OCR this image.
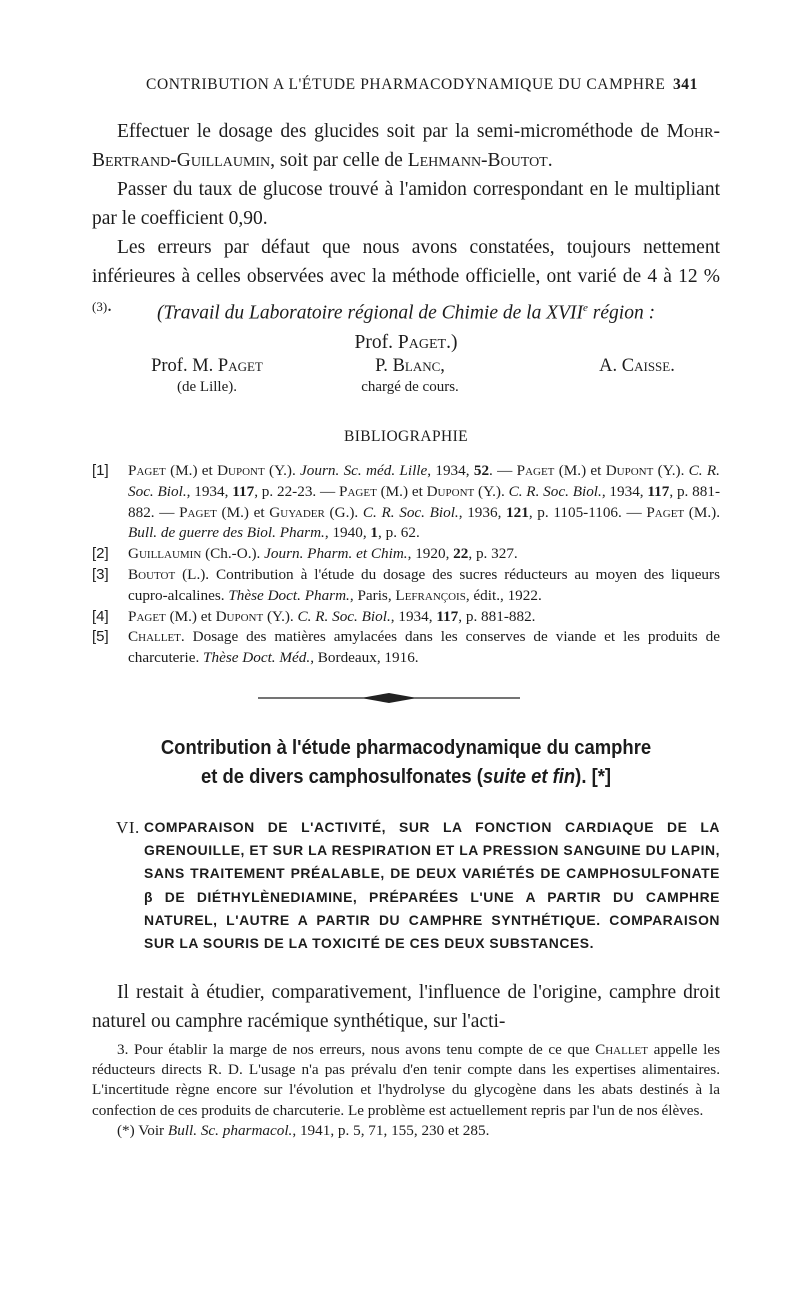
CONTRIBUTION A L'ÉTUDE PHARMACODYNAMIQUE DU CAMPHRE 341

Effectuer le dosage des glucides soit par la semi-microméthode de Mohr-Bertrand-Guillaumin, soit par celle de Lehmann-Boutot.

Passer du taux de glucose trouvé à l'amidon correspondant en le multipliant par le coefficient 0,90.

Les erreurs par défaut que nous avons constatées, toujours nettement inférieures à celles observées avec la méthode officielle, ont varié de 4 à 12 % (3).	(Travail du Laboratoire régional de Chimie de la XVIIe région :
Prof. Paget.)
Prof. M. Paget
(de Lille).
P. Blanc,
chargé de cours.
A. Caisse.
BIBLIOGRAPHIE
[1] Paget (M.) et Dupont (Y.). Journ. Sc. méd. Lille, 1934, 52. — Paget (M.) et Dupont (Y.). C. R. Soc. Biol., 1934, 117, p. 22-23. — Paget (M.) et Dupont (Y.). C. R. Soc. Biol., 1934, 117, p. 881-882. — Paget (M.) et Guyader (G.). C. R. Soc. Biol., 1936, 121, p. 1105-1106. — Paget (M.). Bull. de guerre des Biol. Pharm., 1940, 1, p. 62.
[2] Guillaumin (Ch.-O.). Journ. Pharm. et Chim., 1920, 22, p. 327.
[3] Boutot (L.). Contribution à l'étude du dosage des sucres réducteurs au moyen des liqueurs cupro-alcalines. Thèse Doct. Pharm., Paris, Lefrançois, édit., 1922.
[4] Paget (M.) et Dupont (Y.). C. R. Soc. Biol., 1934, 117, p. 881-882.
[5] Challet. Dosage des matières amylacées dans les conserves de viande et les produits de charcuterie. Thèse Doct. Méd., Bordeaux, 1916.
Contribution à l'étude pharmacodynamique du camphre
et de divers camphosulfonates (suite et fin). [*]
VI. COMPARAISON DE L'ACTIVITÉ, SUR LA FONCTION CARDIAQUE DE LA GRENOUILLE, ET SUR LA RESPIRATION ET LA PRESSION SANGUINE DU LAPIN, SANS TRAITEMENT PRÉALABLE, DE DEUX VARIÉTÉS DE CAMPHOSULFONATE β DE DIÉTHYLÈNEDIAMINE, PRÉPARÉES L'UNE A PARTIR DU CAMPHRE NATUREL, L'AUTRE A PARTIR DU CAMPHRE SYNTHÉTIQUE. COMPARAISON SUR LA SOURIS DE LA TOXICITÉ DE CES DEUX SUBSTANCES.

Il restait à étudier, comparativement, l'influence de l'origine, camphre droit naturel ou camphre racémique synthétique, sur l'acti-

3. Pour établir la marge de nos erreurs, nous avons tenu compte de ce que Challet appelle les réducteurs directs R. D. L'usage n'a pas prévalu d'en tenir compte dans les expertises alimentaires. L'incertitude règne encore sur l'évolution et l'hydrolyse du glycogène dans les abats destinés à la confection de ces produits de charcuterie. Le problème est actuellement repris par l'un de nos élèves.

(*) Voir Bull. Sc. pharmacol., 1941, p. 5, 71, 155, 230 et 285.
